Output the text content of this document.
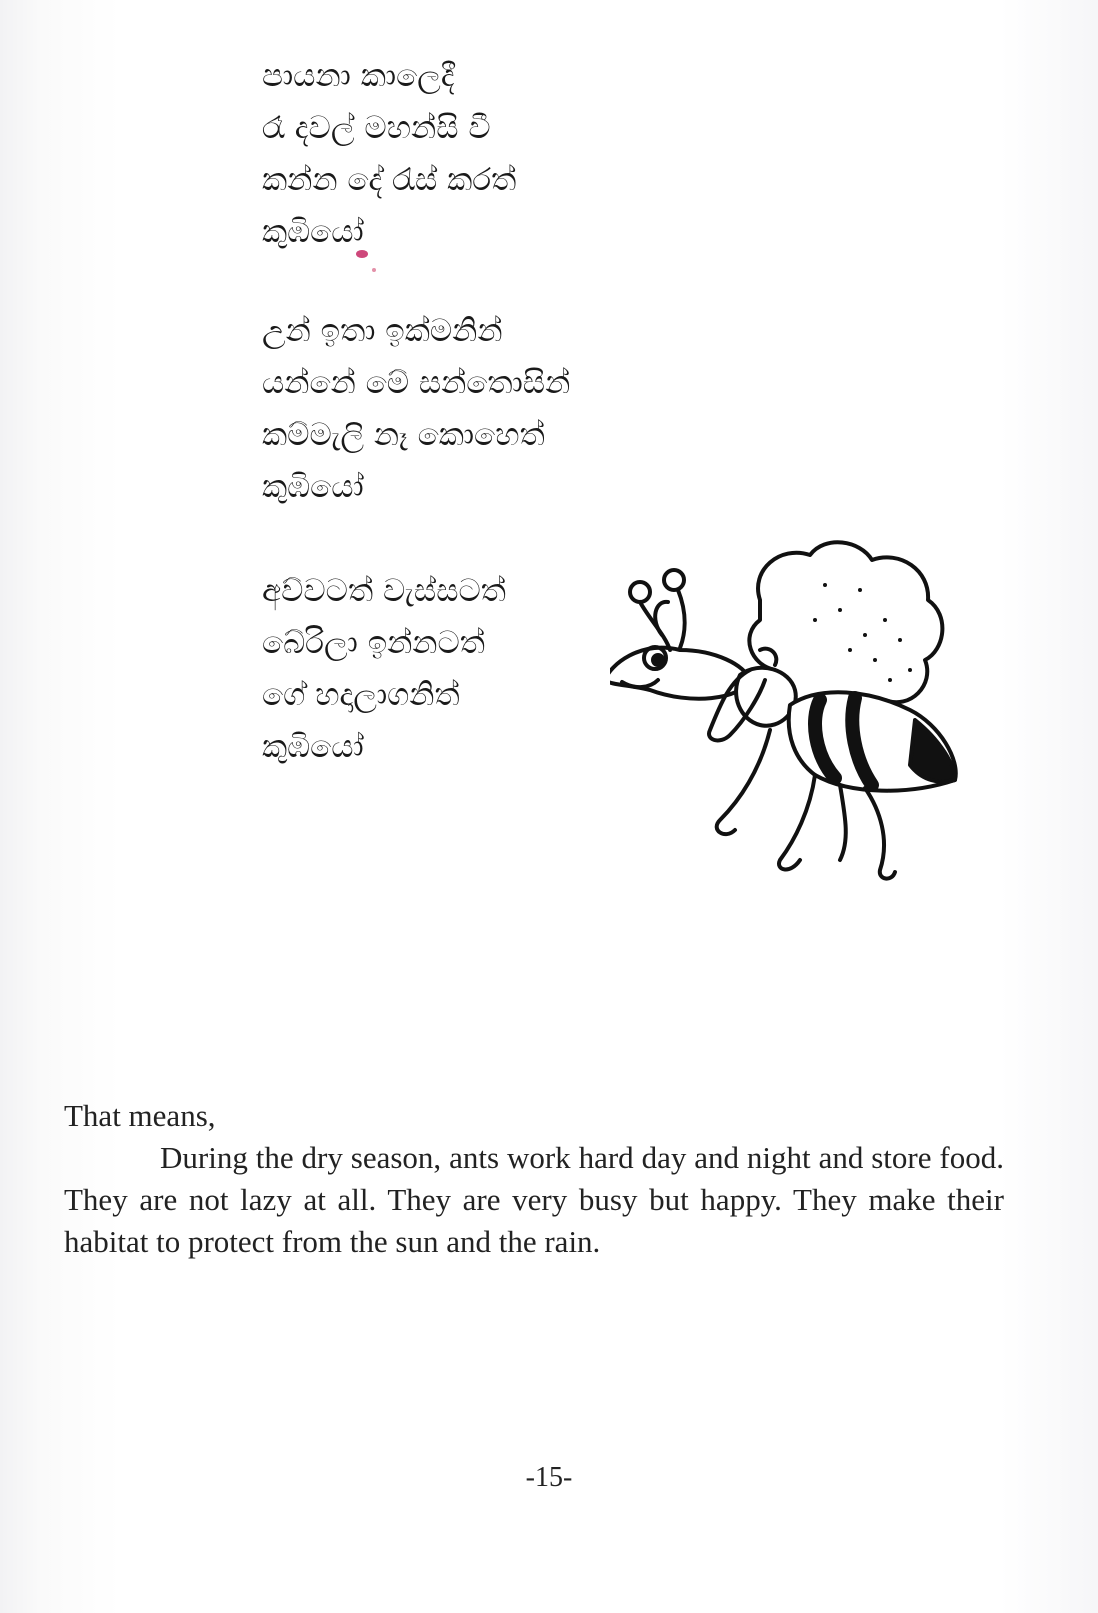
පායනා කාලෙදී
රෑ දවල් මහන්සි වී
කන්න දේ රැස් කරත්
කුඹියෝ
උන් ඉතා ඉක්මනින්
යන්නේ මේ සන්තොසින්
කම්මැලි නෑ කොහෙත්
කුඹියෝ
අව්වටත් වැස්සටත්
බේරිලා ඉන්නටත්
ගේ හදාලාගනිත්
කුඹියෝ
That means,
During the dry season, ants work hard day and night and store food. They are not lazy at all. They are very busy but happy. They make their habitat to protect from the sun and the rain.
-15-
